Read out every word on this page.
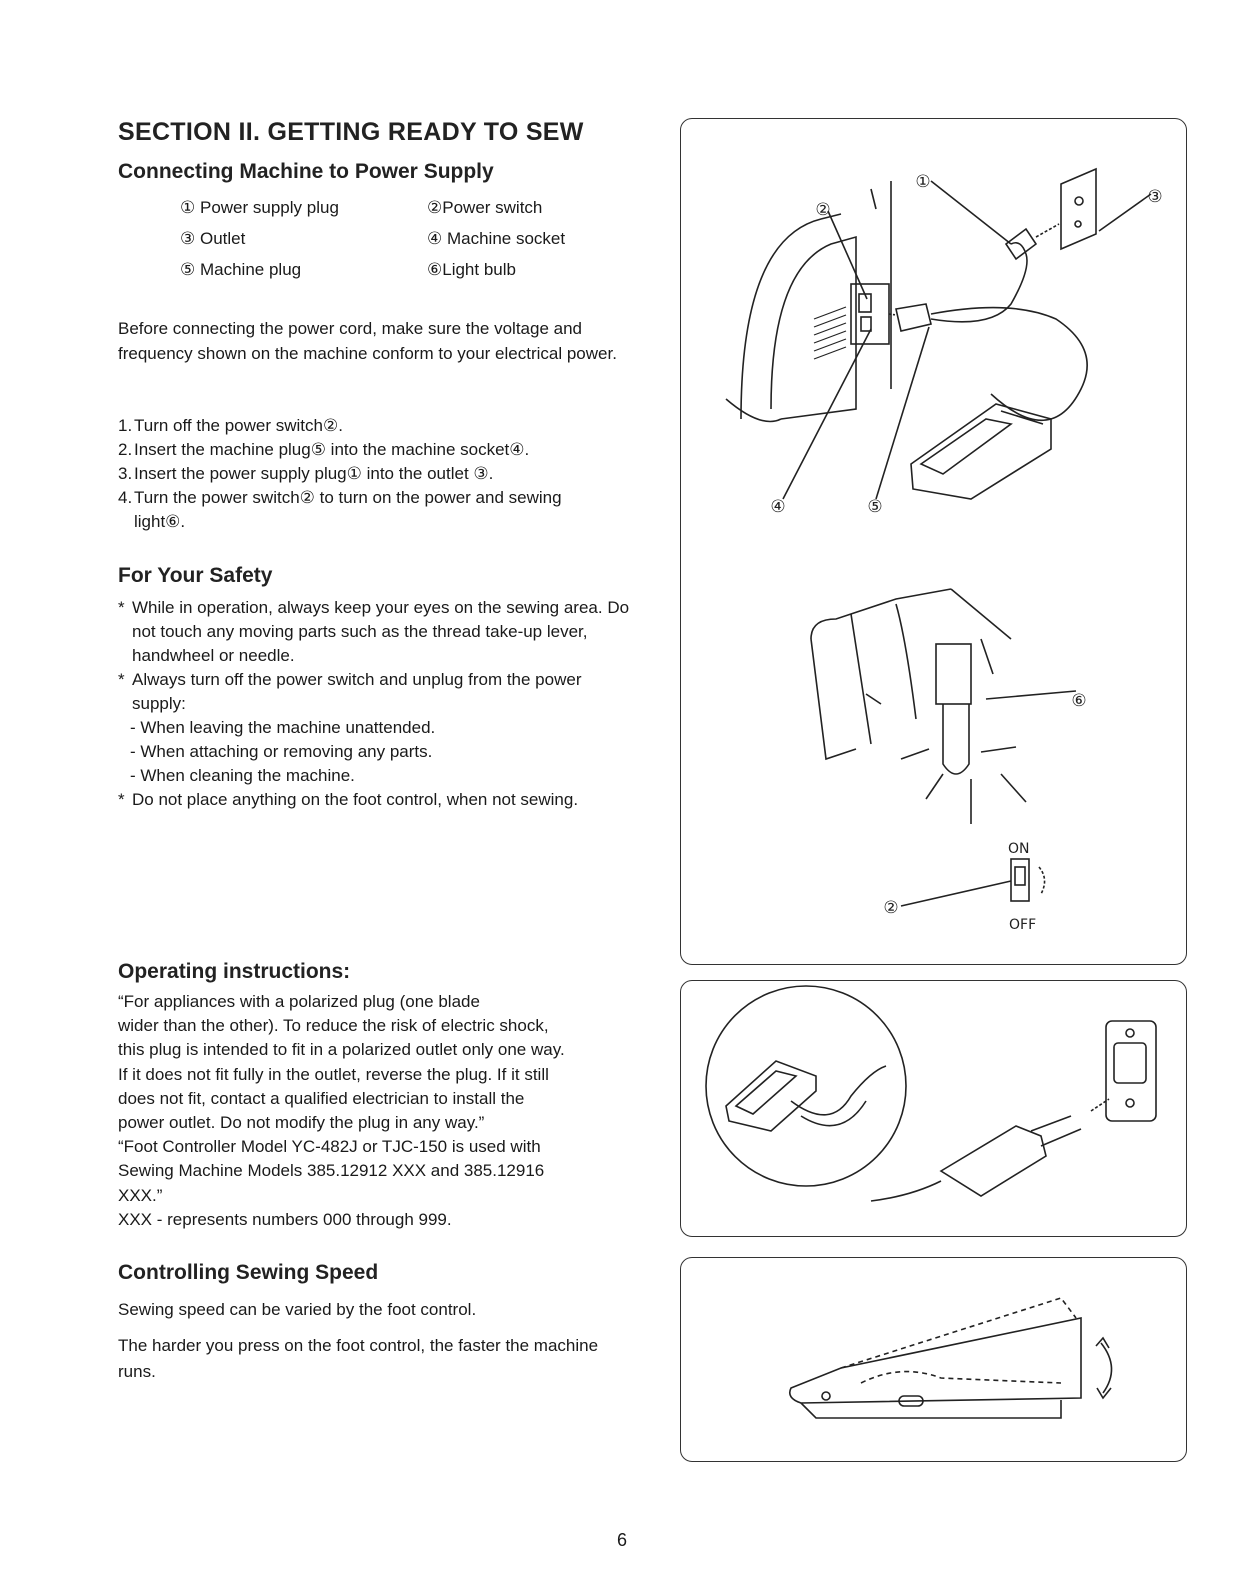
SECTION II. GETTING READY TO SEW
Connecting Machine to Power Supply
① Power supply plug	②Power switch
③ Outlet	④ Machine socket
⑤ Machine plug	⑥Light bulb

Before connecting the power cord, make sure the voltage and frequency shown on the machine conform to your electrical power.

1. Turn off the power switch②.
2. Insert the machine plug⑤ into the machine socket④.
3. Insert the power supply plug① into the outlet ③.
4. Turn the power switch② to turn on the power and sewing light⑥.
For Your Safety
* While in operation, always keep your eyes on the sewing area. Do not touch any moving parts such as the thread take-up lever, handwheel or needle.
* Always turn off the power switch and unplug from the power supply:
- When leaving the machine unattended.
- When attaching or removing any parts.
- When cleaning the machine.
* Do not place anything on the foot control, when not sewing.
Operating instructions:

“For appliances with a polarized plug (one blade

wider than the other). To reduce the risk of electric shock,

this plug is intended to fit in a polarized outlet only one way.

If it does not fit fully in the outlet, reverse the plug. If it still

does not fit, contact a qualified electrician to install the

power outlet. Do not modify the plug in any way.”

“Foot Controller Model YC-482J or TJC-150 is used with

Sewing Machine Models 385.12912 XXX and 385.12916

XXX.”

XXX - represents numbers 000 through 999.

Controlling Sewing Speed

Sewing speed can be varied by the foot control.

The harder you press on the foot control, the faster the machine runs.

①
②
③
④	⑤
⑥
②
ON
OFF
6
